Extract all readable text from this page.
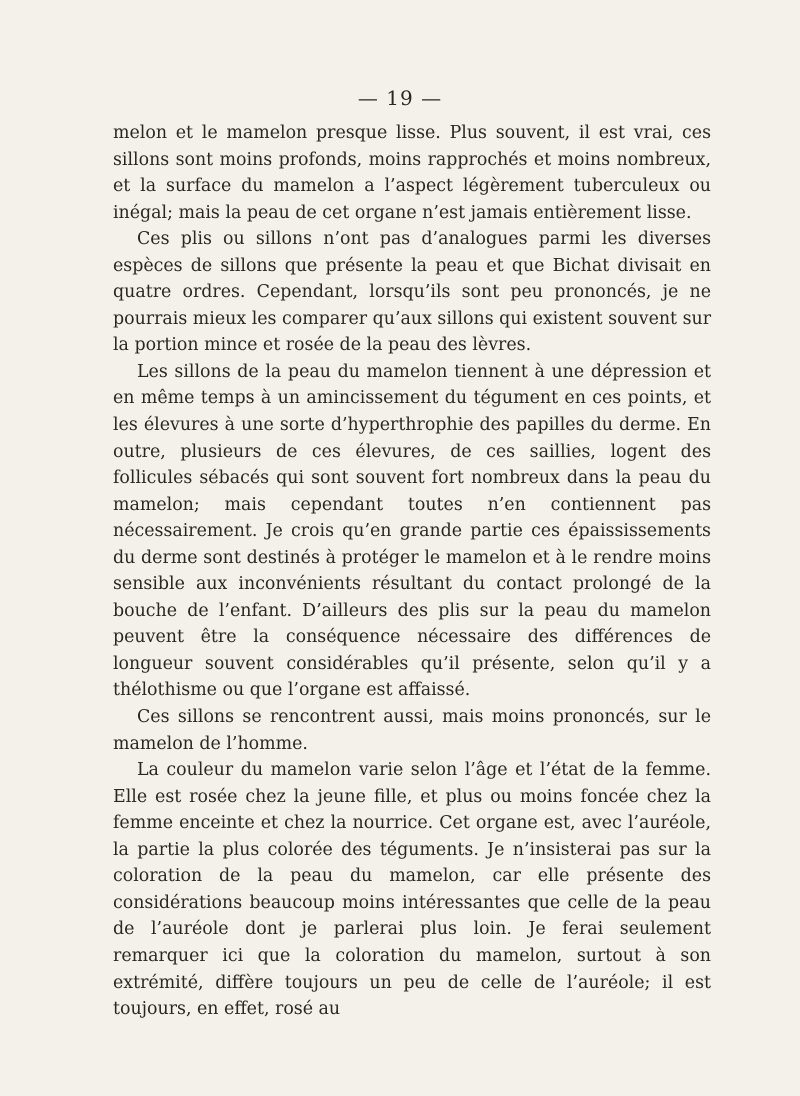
— 19 —

melon et le mamelon presque lisse. Plus souvent, il est vrai, ces sillons sont moins profonds, moins rapprochés et moins nombreux, et la surface du mamelon a l’aspect légèrement tuberculeux ou inégal; mais la peau de cet organe n’est jamais entièrement lisse.

Ces plis ou sillons n’ont pas d’analogues parmi les diverses espèces de sillons que présente la peau et que Bichat divisait en quatre ordres. Cependant, lorsqu’ils sont peu prononcés, je ne pourrais mieux les comparer qu’aux sillons qui existent souvent sur la portion mince et rosée de la peau des lèvres.

Les sillons de la peau du mamelon tiennent à une dépression et en même temps à un amincissement du tégument en ces points, et les élevures à une sorte d’hyperthrophie des papilles du derme. En outre, plusieurs de ces élevures, de ces saillies, logent des follicules sébacés qui sont souvent fort nombreux dans la peau du mamelon; mais cependant toutes n’en contiennent pas nécessairement. Je crois qu’en grande partie ces épaississements du derme sont destinés à protéger le mamelon et à le rendre moins sensible aux inconvénients résultant du contact prolongé de la bouche de l’enfant. D’ailleurs des plis sur la peau du mamelon peuvent être la conséquence nécessaire des différences de longueur souvent considérables qu’il présente, selon qu’il y a thélothisme ou que l’organe est affaissé.

Ces sillons se rencontrent aussi, mais moins prononcés, sur le mamelon de l’homme.

La couleur du mamelon varie selon l’âge et l’état de la femme. Elle est rosée chez la jeune fille, et plus ou moins foncée chez la femme enceinte et chez la nourrice. Cet organe est, avec l’auréole, la partie la plus colorée des téguments. Je n’insisterai pas sur la coloration de la peau du mamelon, car elle présente des considérations beaucoup moins intéressantes que celle de la peau de l’auréole dont je parlerai plus loin. Je ferai seulement remarquer ici que la coloration du mamelon, surtout à son extrémité, diffère toujours un peu de celle de l’auréole; il est toujours, en effet, rosé au
